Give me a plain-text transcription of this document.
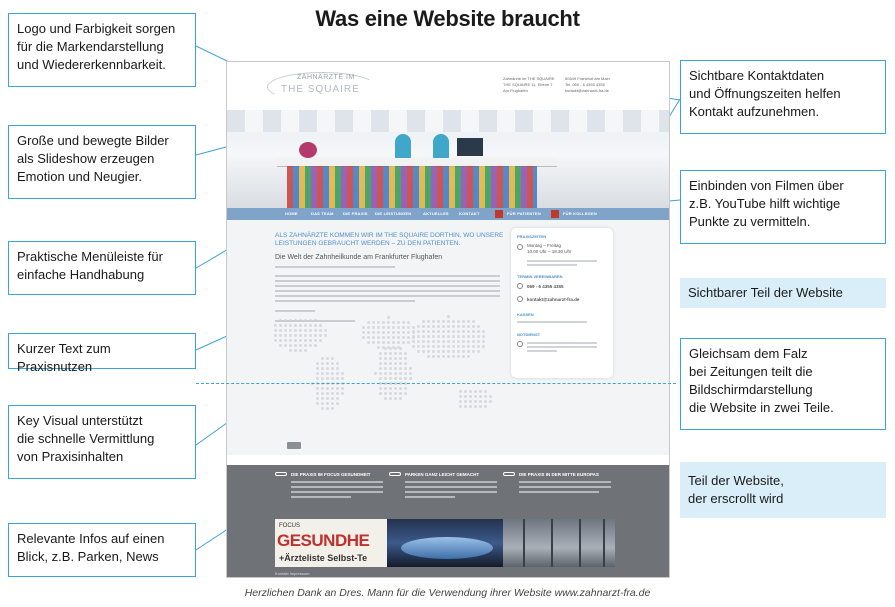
Was eine Website braucht
Logo und Farbigkeit sorgen
für die Markendarstellung
und Wiedererkennbarkeit.
Große und bewegte Bilder
als Slideshow erzeugen
Emotion und Neugier.
Praktische Menüleiste für
einfache Handhabung
Kurzer Text zum Praxisnutzen
Key Visual unterstützt
die schnelle Vermittlung
von Praxisinhalten
Relevante Infos auf einen
Blick, z.B. Parken, News
Sichtbare Kontaktdaten
und Öffnungszeiten helfen
Kontakt aufzunehmen.
Einbinden von Filmen über
z.B. YouTube hilft wichtige
Punkte zu vermitteln.
Sichtbarer Teil der Website
Gleichsam dem Falz
bei Zeitungen teilt die
Bildschirmdarstellung
die Website in zwei Teile.
Teil der Website,
der erscrollt wird
ZAHNÄRZTE IM
THE SQUAIRE
Zahnärzte im THE SQUAIRE
THE SQUAIRE 11, Ebene 7
Am Flughafen
60549 Frankfurt am Main
Tel. 069 - 6 4355 4355
kontakt@zahnarzt-fra.de
HOME	DAS TEAM DIE PRAXIS DIE LEISTUNGEN	AKTUELLES	KONTAKT	FÜR PATIENTEN	FÜR KOLLEGEN
ALS ZAHNÄRZTE KOMMEN WIR IM THE SQUAIRE DORTHIN, WO UNSERE LEISTUNGEN GEBRAUCHT WERDEN – ZU DEN PATIENTEN.
Die Welt der Zahnheilkunde am Frankfurter Flughafen
PRAXISZEITEN
Montag – Freitag
10.00 Uhr – 18.30 Uhr
TERMIN VEREINBAREN
069 - 6 4355 4355
kontakt@zahnarzt-fra.de
KASSEN
NOTDIENST
DIE PRAXIS IM FOCUS GESUNDHEIT	PARKEN GANZ LEICHT GEMACHT	DIE PRAXIS IN DER MITTE EUROPAS
FOCUS
GESUNDHE
+Ärzteliste Selbst-Te
Kontakt Impressum
Herzlichen Dank an Dres. Mann für die Verwendung ihrer Website www.zahnarzt-fra.de
